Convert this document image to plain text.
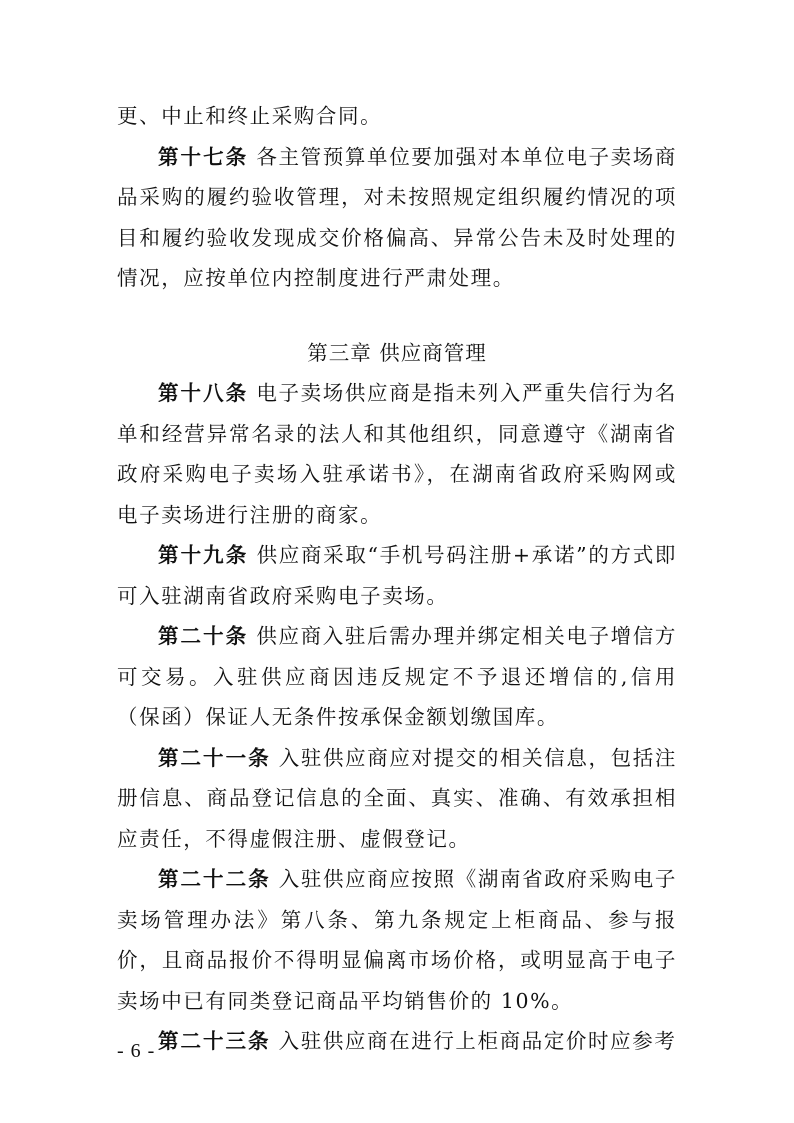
更、中止和终止采购合同。

第十七条 各主管预算单位要加强对本单位电子卖场商品采购的履约验收管理，对未按照规定组织履约情况的项目和履约验收发现成交价格偏高、异常公告未及时处理的情况，应按单位内控制度进行严肃处理。

第三章 供应商管理

第十八条 电子卖场供应商是指未列入严重失信行为名单和经营异常名录的法人和其他组织，同意遵守《湖南省政府采购电子卖场入驻承诺书》，在湖南省政府采购网或电子卖场进行注册的商家。

第十九条 供应商采取“手机号码注册+承诺”的方式即可入驻湖南省政府采购电子卖场。

第二十条 供应商入驻后需办理并绑定相关电子增信方可交易。入驻供应商因违反规定不予退还增信的,信用（保函）保证人无条件按承保金额划缴国库。

第二十一条 入驻供应商应对提交的相关信息，包括注册信息、商品登记信息的全面、真实、准确、有效承担相应责任，不得虚假注册、虚假登记。

第二十二条 入驻供应商应按照《湖南省政府采购电子卖场管理办法》第八条、第九条规定上柜商品、参与报价，且商品报价不得明显偏离市场价格，或明显高于电子卖场中已有同类登记商品平均销售价的 10%。

第二十三条 入驻供应商在进行上柜商品定价时应参考

- 6 -
